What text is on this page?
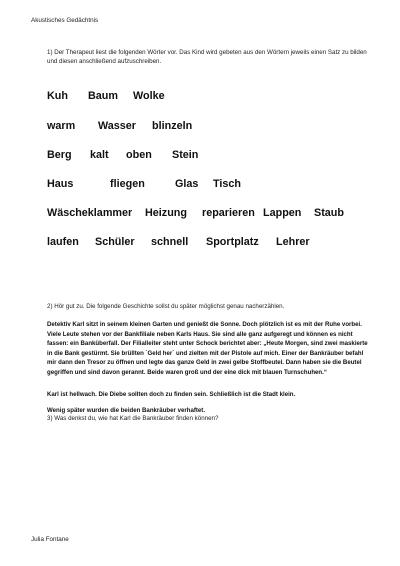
Akustisches Gedächtnis
1) Der Therapeut liest die folgenden Wörter vor. Das Kind wird gebeten aus den Wörtern jeweils einen Satz zu bilden und diesen anschließend aufzuschreiben.
Kuh Baum Wolke
warm Wasser blinzeln
Berg kalt oben Stein
Haus	fliegen	Glas Tisch
Wäscheklammer Heizung reparieren Lappen Staub
laufen Schüler schnell Sportplatz Lehrer
2) Hör gut zu. Die folgende Geschichte sollst du später möglichst genau nacherzählen.

Detektiv Karl sitzt in seinem kleinen Garten und genießt die Sonne. Doch plötzlich ist es mit der Ruhe vorbei. Viele Leute stehen vor der Bankfiliale neben Karls Haus. Sie sind alle ganz aufgeregt und können es nicht fassen: ein Banküberfall. Der Filialleiter steht unter Schock berichtet aber: „Heute Morgen, sind zwei maskierte in die Bank gestürmt. Sie brüllten `Geld her` und zielten mit der Pistole auf mich. Einer der Bankräuber befahl mir dann den Tresor zu öffnen und legte das ganze Geld in zwei gelbe Stoffbeutel. Dann haben sie die Beutel gegriffen und sind davon gerannt. Beide waren groß und der eine dick mit blauen Turnschuhen.“

Karl ist hellwach. Die Diebe sollten doch zu finden sein. Schließlich ist die Stadt klein.

Wenig später wurden die beiden Bankräuber verhaftet.

3) Was denkst du, wie hat Karl die Bankräuber finden können?
Julia Fontane
